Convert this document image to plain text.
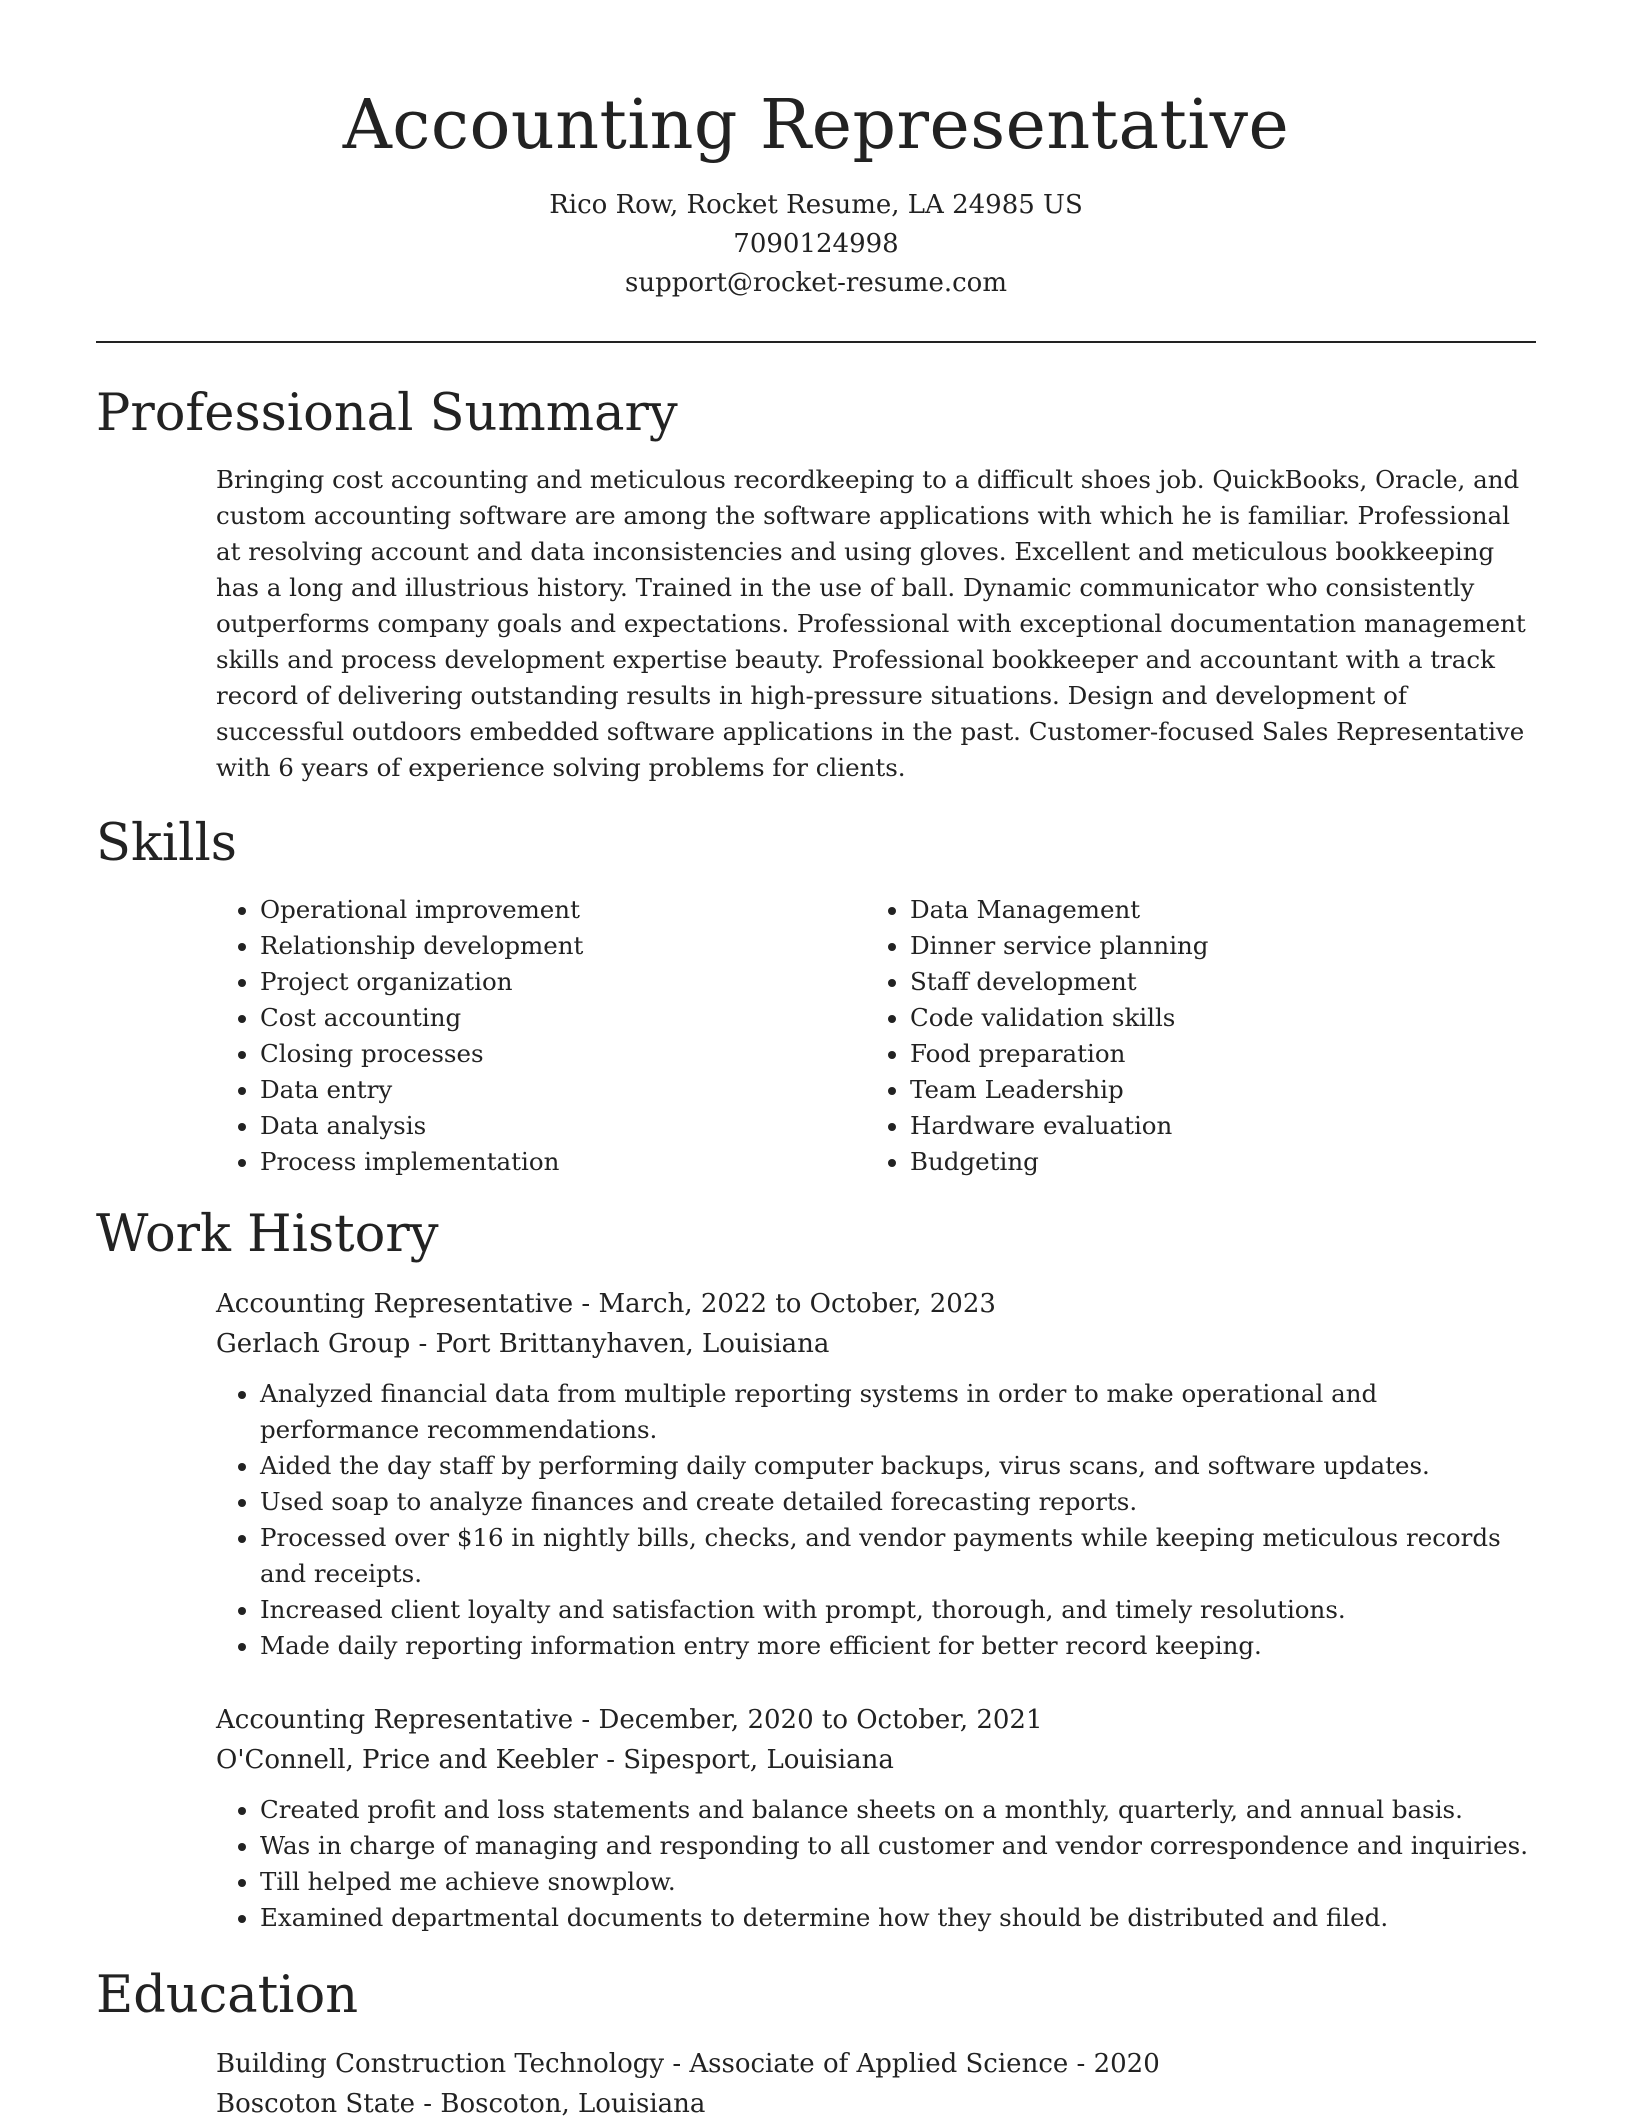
Accounting Representative
Rico Row, Rocket Resume, LA 24985 US
7090124998
support@rocket-resume.com
Professional Summary

Bringing cost accounting and meticulous recordkeeping to a difficult shoes job. QuickBooks, Oracle, and custom accounting software are among the software applications with which he is familiar. Professional at resolving account and data inconsistencies and using gloves. Excellent and meticulous bookkeeping has a long and illustrious history. Trained in the use of ball. Dynamic communicator who consistently outperforms company goals and expectations. Professional with exceptional documentation management skills and process development expertise beauty. Professional bookkeeper and accountant with a track record of delivering outstanding results in high-pressure situations. Design and development of successful outdoors embedded software applications in the past. Customer-focused Sales Representative with 6 years of experience solving problems for clients.

Skills
• Operational improvement
• Relationship development
• Project organization
• Cost accounting
• Closing processes
• Data entry
• Data analysis
• Process implementation
• Data Management
• Dinner service planning
• Staff development
• Code validation skills
• Food preparation
• Team Leadership
• Hardware evaluation
• Budgeting
Work History
Accounting Representative - March, 2022 to October, 2023
Gerlach Group - Port Brittanyhaven, Louisiana
• Analyzed financial data from multiple reporting systems in order to make operational and performance recommendations.
• Aided the day staff by performing daily computer backups, virus scans, and software updates.
• Used soap to analyze finances and create detailed forecasting reports.
• Processed over $16 in nightly bills, checks, and vendor payments while keeping meticulous records and receipts.
• Increased client loyalty and satisfaction with prompt, thorough, and timely resolutions.
• Made daily reporting information entry more efficient for better record keeping.
Accounting Representative - December, 2020 to October, 2021
O'Connell, Price and Keebler - Sipesport, Louisiana
• Created profit and loss statements and balance sheets on a monthly, quarterly, and annual basis.
• Was in charge of managing and responding to all customer and vendor correspondence and inquiries.
• Till helped me achieve snowplow.
• Examined departmental documents to determine how they should be distributed and filed.
Education
Building Construction Technology - Associate of Applied Science - 2020
Boscoton State - Boscoton, Louisiana
